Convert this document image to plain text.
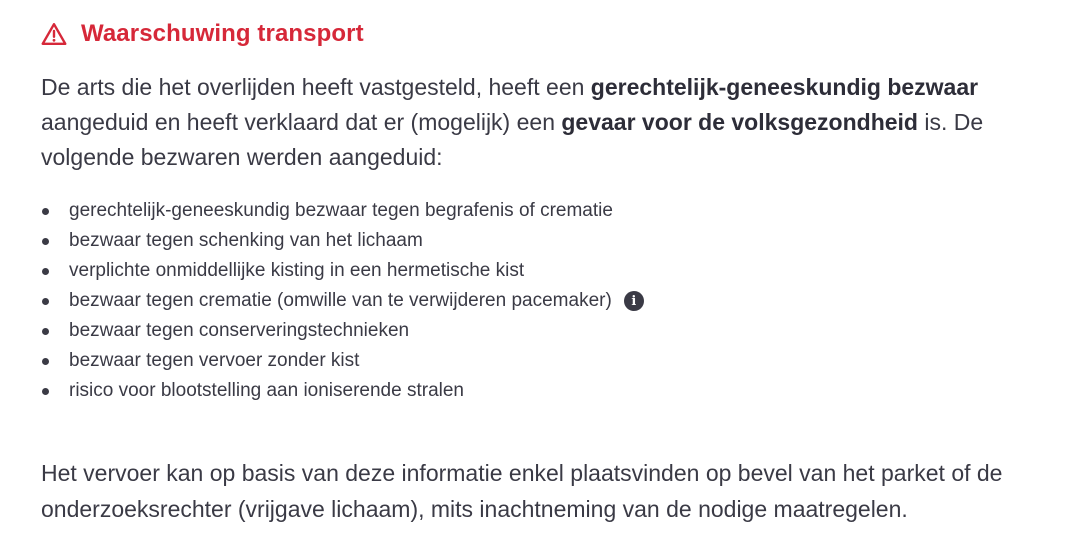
Waarschuwing transport

De arts die het overlijden heeft vastgesteld, heeft een gerechtelijk-geneeskundig bezwaar aangeduid en heeft verklaard dat er (mogelijk) een gevaar voor de volksgezondheid is. De volgende bezwaren werden aangeduid:

gerechtelijk-geneeskundig bezwaar tegen begrafenis of crematie
bezwaar tegen schenking van het lichaam
verplichte onmiddellijke kisting in een hermetische kist
bezwaar tegen crematie (omwille van te verwijderen pacemaker)	i
bezwaar tegen conserveringstechnieken
bezwaar tegen vervoer zonder kist
risico voor blootstelling aan ioniserende stralen

Het vervoer kan op basis van deze informatie enkel plaatsvinden op bevel van het parket of de onderzoeksrechter (vrijgave lichaam), mits inachtneming van de nodige maatregelen.
